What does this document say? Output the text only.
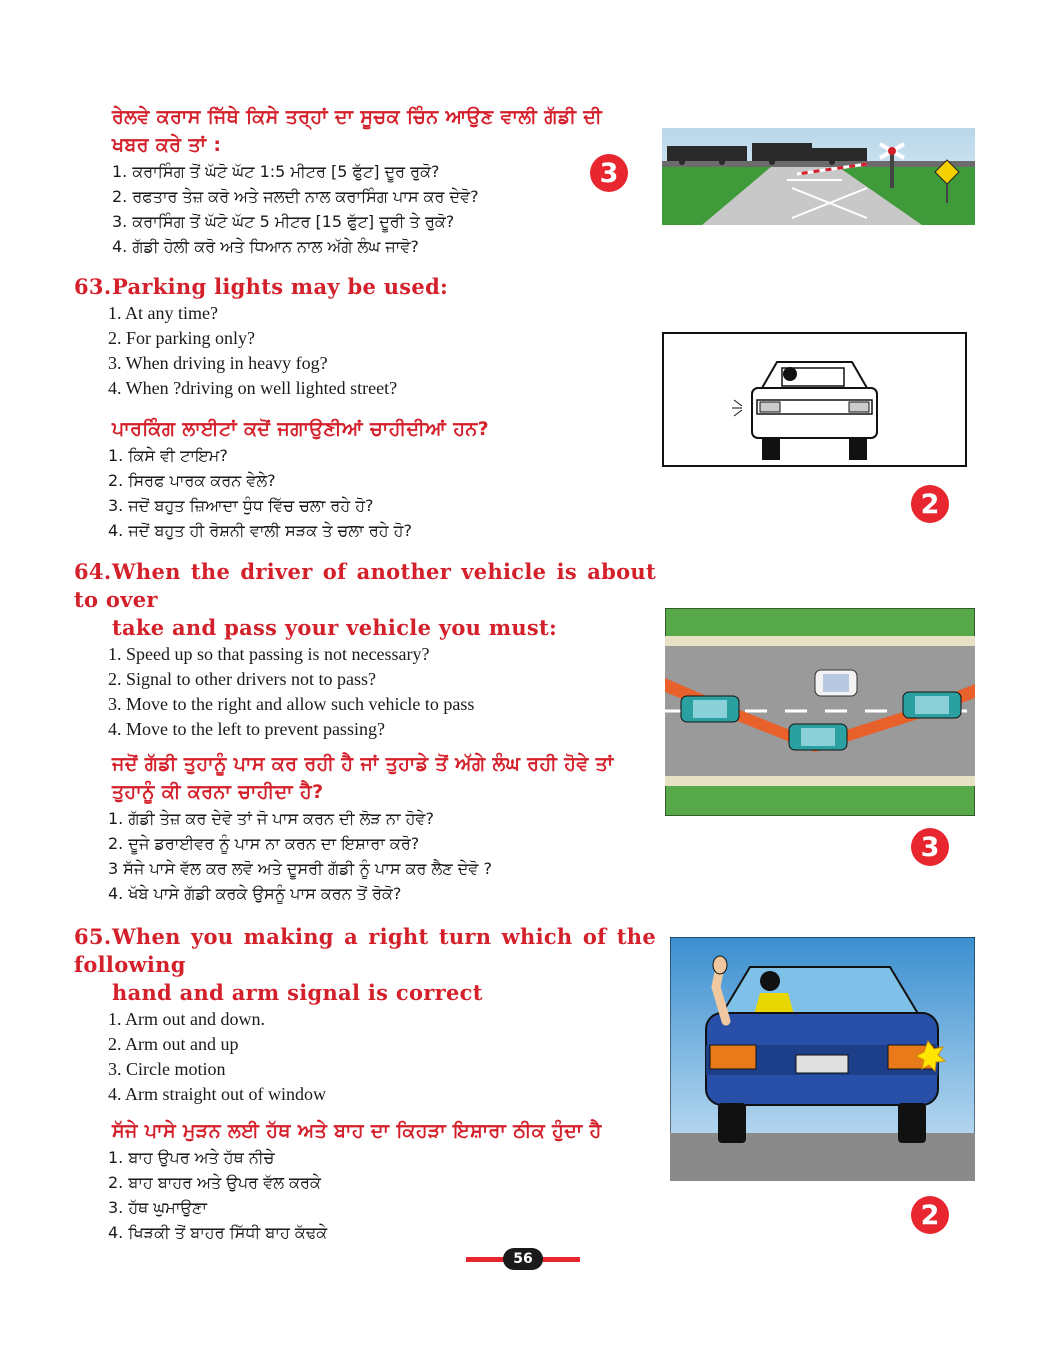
ਰੇਲਵੇ ਕਰਾਸ ਜਿੱਥੇ ਕਿਸੇ ਤਰ੍ਹਾਂ ਦਾ ਸੂਚਕ ਚਿੰਨ ਆਉਣ ਵਾਲੀ ਗੱਡੀ ਦੀ
ਖਬਰ ਕਰੇ ਤਾਂ :
1. ਕਰਾਸਿੰਗ ਤੋਂ ਘੱਟੋ ਘੱਟ 1:5 ਮੀਟਰ [5 ਫੁੱਟ] ਦੂਰ ਰੁਕੋ?
2. ਰਫਤਾਰ ਤੇਜ਼ ਕਰੋ ਅਤੇ ਜਲਦੀ ਨਾਲ ਕਰਾਸਿੰਗ ਪਾਸ ਕਰ ਦੇਵੋ?
3. ਕਰਾਸਿੰਗ ਤੋਂ ਘੱਟੋ ਘੱਟ 5 ਮੀਟਰ [15 ਫੁੱਟ] ਦੂਰੀ ਤੇ ਰੁਕੋ?
4. ਗੱਡੀ ਹੋਲੀ ਕਰੋ ਅਤੇ ਧਿਆਨ ਨਾਲ ਅੱਗੇ ਲੰਘ ਜਾਵੋ?
3
63.Parking lights may be used:
1. At any time?
2. For parking only?
3. When driving in heavy fog?
4. When ?driving on well lighted street?
ਪਾਰਕਿੰਗ ਲਾਈਟਾਂ ਕਦੋਂ ਜਗਾਉਣੀਆਂ ਚਾਹੀਦੀਆਂ ਹਨ?
1. ਕਿਸੇ ਵੀ ਟਾਇਮ?
2. ਸਿਰਫ ਪਾਰਕ ਕਰਨ ਵੇਲੇ?
3. ਜਦੋਂ ਬਹੁਤ ਜ਼ਿਆਦਾ ਧੁੰਧ ਵਿੱਚ ਚਲਾ ਰਹੇ ਹੋ?
4. ਜਦੋਂ ਬਹੁਤ ਹੀ ਰੋਸ਼ਨੀ ਵਾਲੀ ਸੜਕ ਤੇ ਚਲਾ ਰਹੇ ਹੋ?
2
64.When the driver of another vehicle is about to over
take and pass your vehicle you must:
1. Speed up so that passing is not necessary?
2. Signal to other drivers not to pass?
3. Move to the right and allow such vehicle to pass
4. Move to the left to prevent passing?
ਜਦੋਂ ਗੱਡੀ ਤੁਹਾਨੂੰ ਪਾਸ ਕਰ ਰਹੀ ਹੈ ਜਾਂ ਤੁਹਾਡੇ ਤੋਂ ਅੱਗੇ ਲੰਘ ਰਹੀ ਹੋਵੇ ਤਾਂ
ਤੁਹਾਨੂੰ ਕੀ ਕਰਨਾ ਚਾਹੀਦਾ ਹੈ?
1. ਗੱਡੀ ਤੇਜ਼ ਕਰ ਦੇਵੋ ਤਾਂ ਜੋ ਪਾਸ ਕਰਨ ਦੀ ਲੋੜ ਨਾ ਹੋਵੇ?
2. ਦੂਜੇ ਡਰਾਈਵਰ ਨੂੰ ਪਾਸ ਨਾ ਕਰਨ ਦਾ ਇਸ਼ਾਰਾ ਕਰੋ?
3 ਸੱਜੇ ਪਾਸੇ ਵੱਲ ਕਰ ਲਵੋ ਅਤੇ ਦੂਸਰੀ ਗੱਡੀ ਨੂੰ ਪਾਸ ਕਰ ਲੈਣ ਦੇਵੋ ?
4. ਖੱਬੇ ਪਾਸੇ ਗੱਡੀ ਕਰਕੇ ਉਸਨੂੰ ਪਾਸ ਕਰਨ ਤੋਂ ਰੋਕੋ?
3
65.When you making a right turn which of the following
hand and arm signal is correct
1. Arm out and down.
2. Arm out and up
3. Circle motion
4. Arm straight out of window
ਸੱਜੇ ਪਾਸੇ ਮੁੜਨ ਲਈ ਹੱਥ ਅਤੇ ਬਾਹ ਦਾ ਕਿਹੜਾ ਇਸ਼ਾਰਾ ਠੀਕ ਹੁੰਦਾ ਹੈ
1. ਬਾਹ ਉਪਰ ਅਤੇ ਹੱਥ ਨੀਚੇ
2. ਬਾਹ ਬਾਹਰ ਅਤੇ ਉਪਰ ਵੱਲ ਕਰਕੇ
3. ਹੱਥ ਘੁਮਾਉਣਾ
4. ਖਿੜਕੀ ਤੋਂ ਬਾਹਰ ਸਿੱਧੀ ਬਾਹ ਕੱਢਕੇ
2
56
